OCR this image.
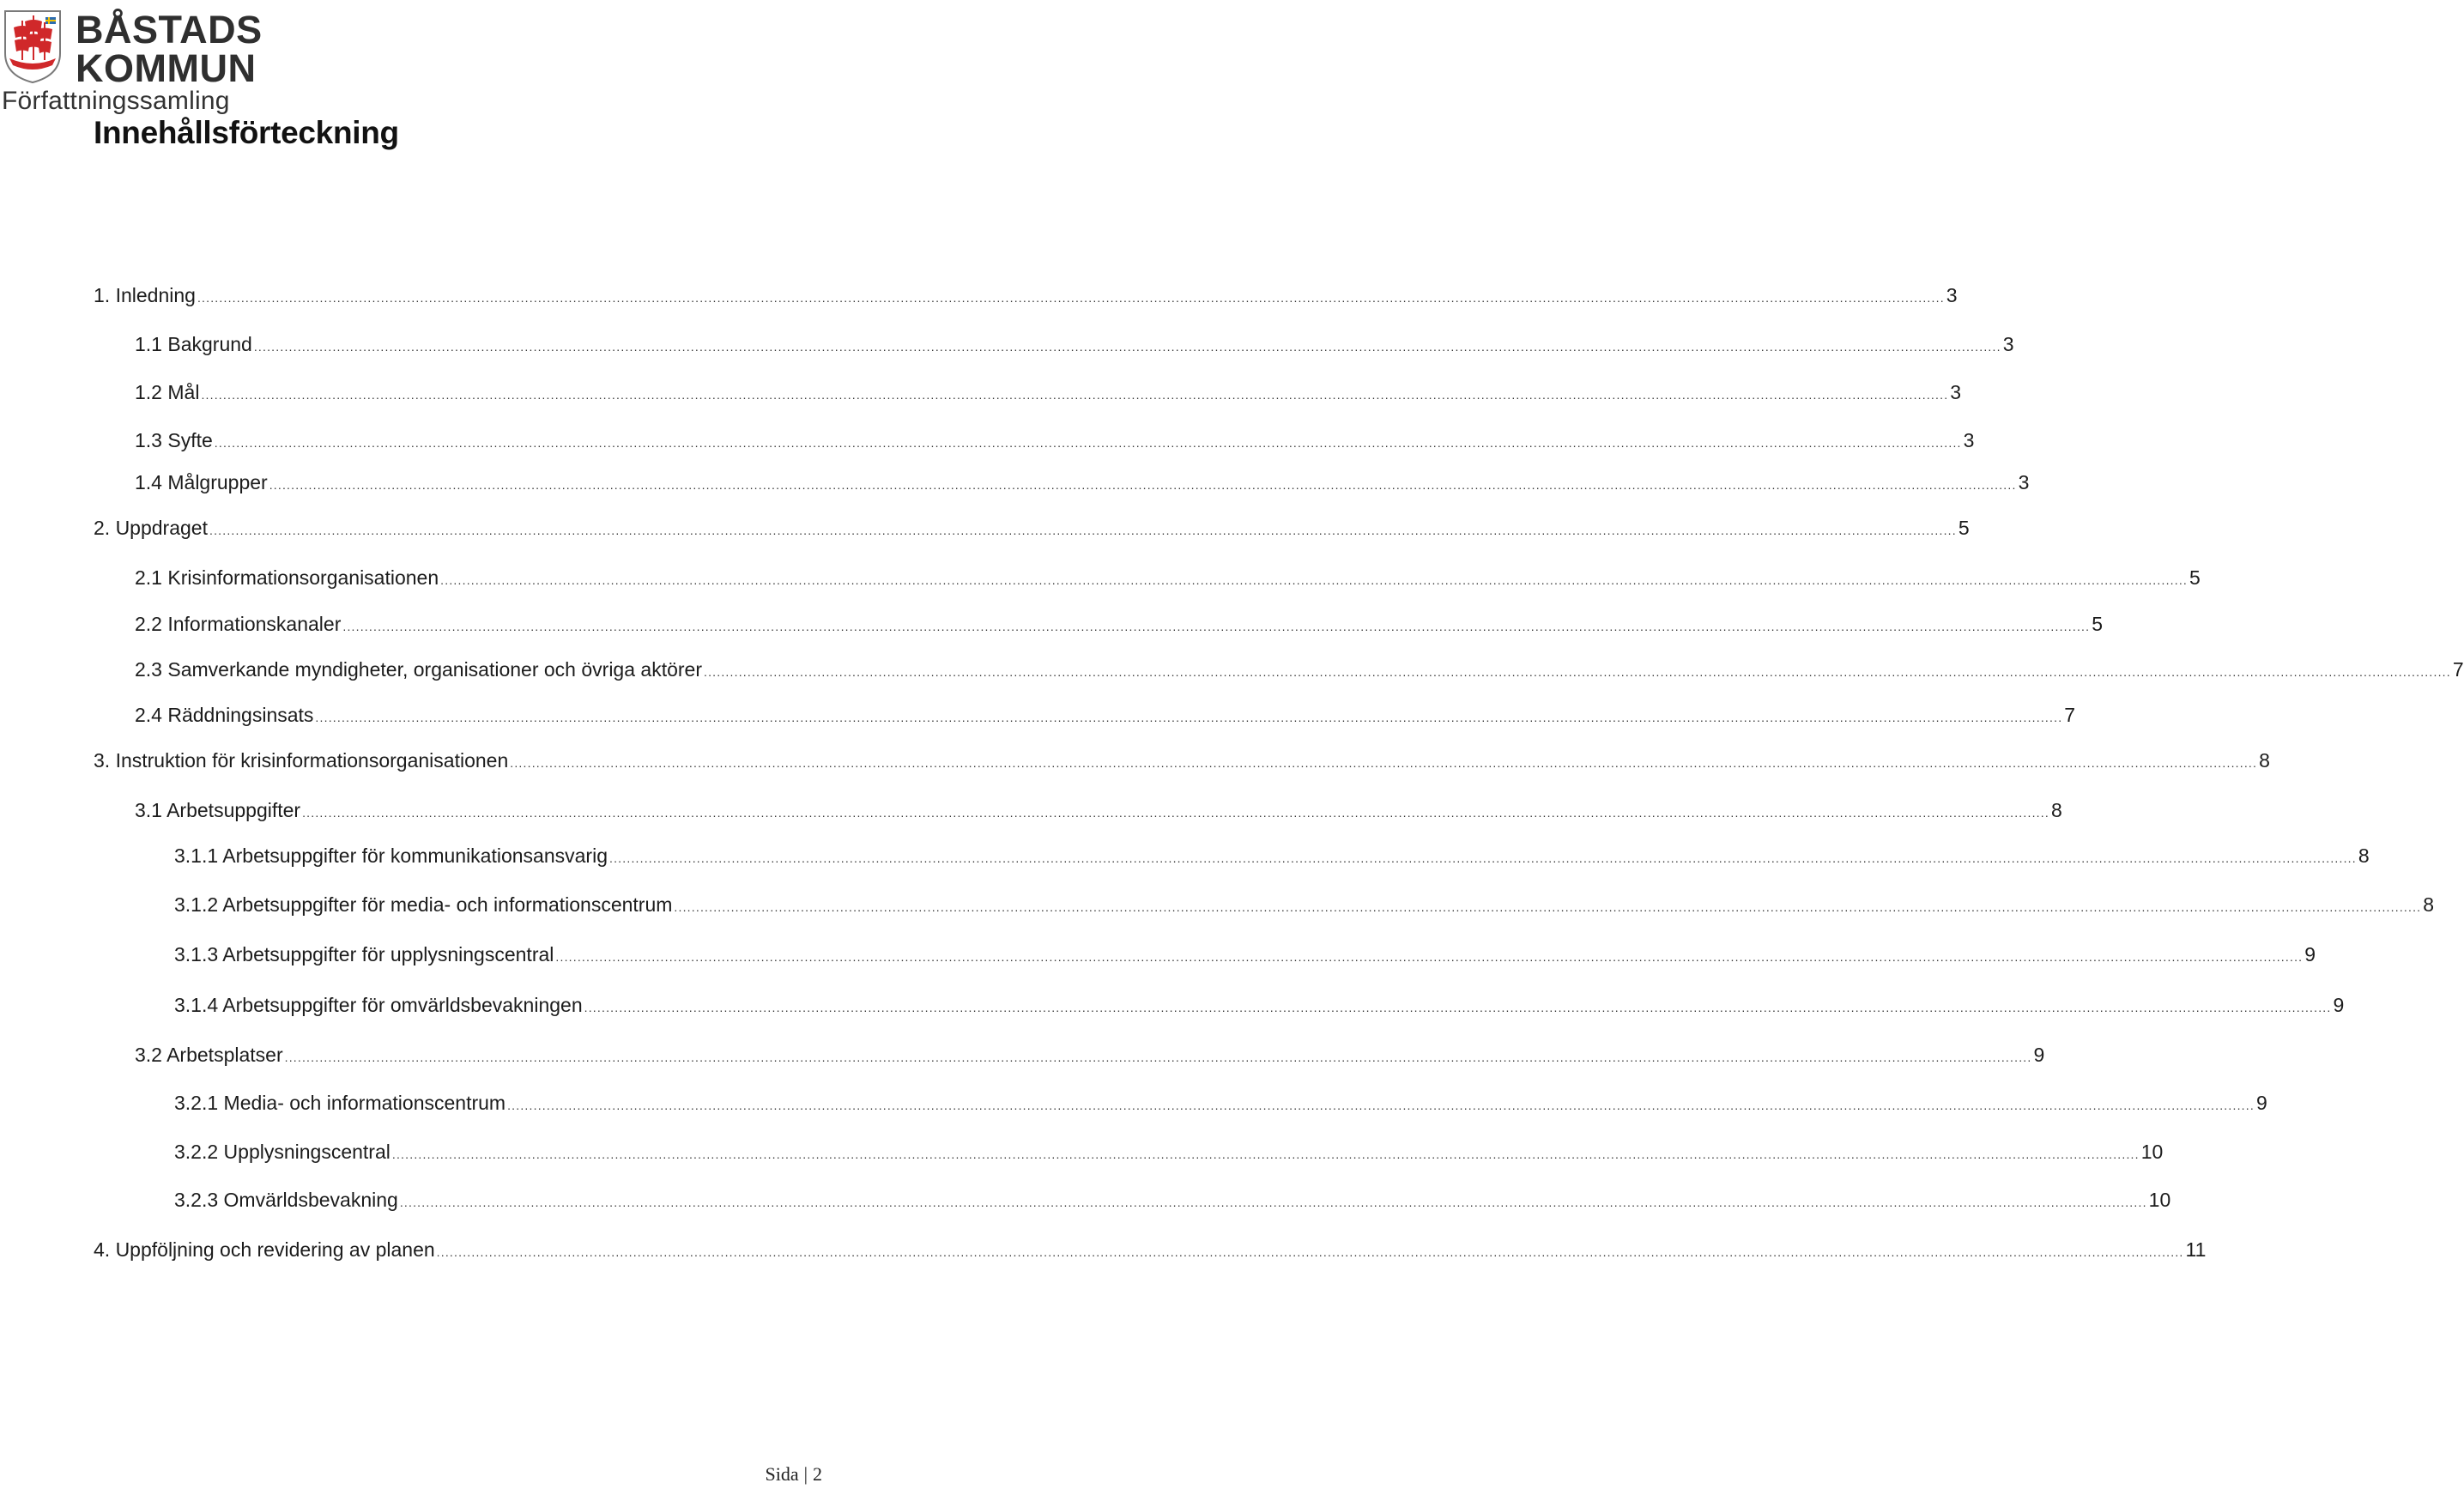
BÅSTADS
KOMMUN
Författningssamling
Innehållsförteckning
1. Inledning ................................................................................................................................................................................................................................................................................................................................................................................................................ 3
1.1 Bakgrund ................................................................................................................................................................................................................................................................................................................................................................................................................ 3
1.2 Mål ................................................................................................................................................................................................................................................................................................................................................................................................................ 3
1.3 Syfte ................................................................................................................................................................................................................................................................................................................................................................................................................ 3
1.4 Målgrupper ................................................................................................................................................................................................................................................................................................................................................................................................................ 3
2. Uppdraget ................................................................................................................................................................................................................................................................................................................................................................................................................ 5
2.1 Krisinformationsorganisationen ................................................................................................................................................................................................................................................................................................................................................................................................................ 5
2.2 Informationskanaler ................................................................................................................................................................................................................................................................................................................................................................................................................ 5
2.3 Samverkande myndigheter, organisationer och övriga aktörer ................................................................................................................................................................................................................................................................................................................................................................................................................ 7
2.4 Räddningsinsats ................................................................................................................................................................................................................................................................................................................................................................................................................ 7
3. Instruktion för krisinformationsorganisationen ................................................................................................................................................................................................................................................................................................................................................................................................................ 8
3.1 Arbetsuppgifter ................................................................................................................................................................................................................................................................................................................................................................................................................ 8
3.1.1 Arbetsuppgifter för kommunikationsansvarig ................................................................................................................................................................................................................................................................................................................................................................................................................ 8
3.1.2 Arbetsuppgifter för media- och informationscentrum ................................................................................................................................................................................................................................................................................................................................................................................................................ 8
3.1.3 Arbetsuppgifter för upplysningscentral ................................................................................................................................................................................................................................................................................................................................................................................................................ 9
3.1.4 Arbetsuppgifter för omvärldsbevakningen ................................................................................................................................................................................................................................................................................................................................................................................................................ 9
3.2 Arbetsplatser ................................................................................................................................................................................................................................................................................................................................................................................................................ 9
3.2.1 Media- och informationscentrum ................................................................................................................................................................................................................................................................................................................................................................................................................ 9
3.2.2 Upplysningscentral ................................................................................................................................................................................................................................................................................................................................................................................................................ 10
3.2.3 Omvärldsbevakning ................................................................................................................................................................................................................................................................................................................................................................................................................ 10
4. Uppföljning och revidering av planen ................................................................................................................................................................................................................................................................................................................................................................................................................ 11
Sida | 2
